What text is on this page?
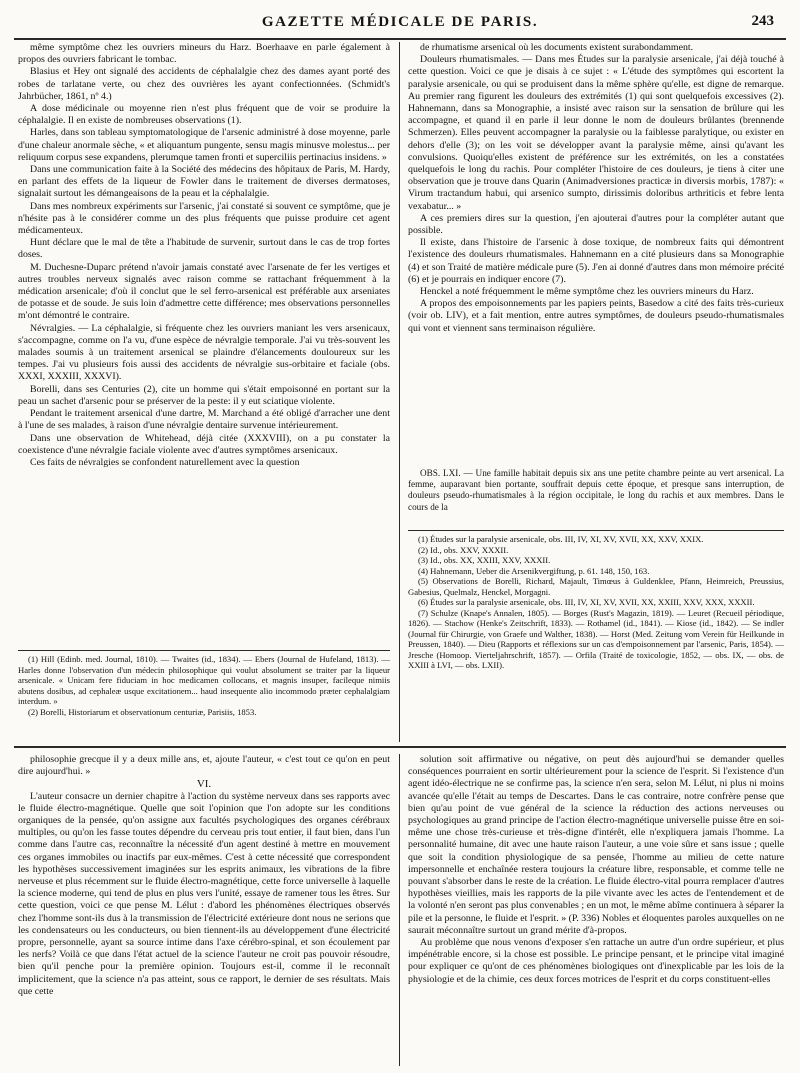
GAZETTE MÉDICALE DE PARIS.	243

même symptôme chez les ouvriers mineurs du Harz. Boerhaave en parle également à propos des ouvriers fabricant le tombac.

Blasius et Hey ont signalé des accidents de céphalalgie chez des dames ayant porté des robes de tarlatane verte, ou chez des ouvrières les ayant confectionnées. (Schmidt's Jahrbücher, 1861, nº 4.)

A dose médicinale ou moyenne rien n'est plus fréquent que de voir se produire la céphalalgie. Il en existe de nombreuses observations (1).

Harles, dans son tableau symptomatologique de l'arsenic administré à dose moyenne, parle d'une chaleur anormale sèche, « et aliquantum pungente, sensu magis minusve molestus... per reliquum corpus sese expandens, plerumque tamen fronti et superciliis pertinacius insidens. »

Dans une communication faite à la Société des médecins des hôpitaux de Paris, M. Hardy, en parlant des effets de la liqueur de Fowler dans le traitement de diverses dermatoses, signalait surtout les démangeaisons de la peau et la céphalalgie.

Dans mes nombreux expériments sur l'arsenic, j'ai constaté si souvent ce symptôme, que je n'hésite pas à le considérer comme un des plus fréquents que puisse produire cet agent médicamenteux.

Hunt déclare que le mal de tête a l'habitude de survenir, surtout dans le cas de trop fortes doses.

M. Duchesne-Duparc prétend n'avoir jamais constaté avec l'arsenate de fer les vertiges et autres troubles nerveux signalés avec raison comme se rattachant fréquemment à la médication arsenicale; d'où il conclut que le sel ferro-arsenical est préférable aux arseniates de potasse et de soude. Je suis loin d'admettre cette différence; mes observations personnelles m'ont démontré le contraire.

Névralgies. — La céphalalgie, si fréquente chez les ouvriers maniant les vers arsenicaux, s'accompagne, comme on l'a vu, d'une espèce de névralgie temporale. J'ai vu très-souvent les malades soumis à un traitement arsenical se plaindre d'élancements douloureux sur les tempes. J'ai vu plusieurs fois aussi des accidents de névralgie sus-orbitaire et faciale (obs. XXXI, XXXIII, XXXVI).

Borelli, dans ses Centuries (2), cite un homme qui s'était empoisonné en portant sur la peau un sachet d'arsenic pour se préserver de la peste: il y eut sciatique violente.

Pendant le traitement arsenical d'une dartre, M. Marchand a été obligé d'arracher une dent à l'une de ses malades, à raison d'une névralgie dentaire survenue intérieurement.

Dans une observation de Whitehead, déjà citée (XXXVIII), on a pu constater la coexistence d'une névralgie faciale violente avec d'autres symptômes arsenicaux.

Ces faits de névralgies se confondent naturellement avec la question

(1) Hill (Edinb. med. Journal, 1810). — Twaites (id., 1834). — Ebers (Journal de Hufeland, 1813). — Harles donne l'observation d'un médecin philosophique qui voulut absolument se traiter par la liqueur arsenicale. « Unicam fere fiduciam in hoc medicamen collocans, et magnis insuper, facileque nimiis abutens dosibus, ad cephaleæ usque excitationem... haud insequente alio incommodo præter cephalalgiam interdum. »

(2) Borelli, Historiarum et observationum centuriæ, Parisiis, 1853.

de rhumatisme arsenical où les documents existent surabondamment.

Douleurs rhumatismales. — Dans mes Études sur la paralysie arsenicale, j'ai déjà touché à cette question. Voici ce que je disais à ce sujet : « L'étude des symptômes qui escortent la paralysie arsenicale, ou qui se produisent dans la même sphère qu'elle, est digne de remarque. Au premier rang figurent les douleurs des extrémités (1) qui sont quelquefois excessives (2). Hahnemann, dans sa Monographie, a insisté avec raison sur la sensation de brûlure qui les accompagne, et quand il en parle il leur donne le nom de douleurs brûlantes (brennende Schmerzen). Elles peuvent accompagner la paralysie ou la faiblesse paralytique, ou exister en dehors d'elle (3); on les voit se développer avant la paralysie même, ainsi qu'avant les convulsions. Quoiqu'elles existent de préférence sur les extrémités, on les a constatées quelquefois le long du rachis. Pour compléter l'histoire de ces douleurs, je tiens à citer une observation que je trouve dans Quarin (Animadversiones practicæ in diversis morbis, 1787): « Virum tractandum habui, qui arsenico sumpto, dirissimis doloribus arthriticis et febre lenta vexabatur... »

A ces premiers dires sur la question, j'en ajouterai d'autres pour la compléter autant que possible.

Il existe, dans l'histoire de l'arsenic à dose toxique, de nombreux faits qui démontrent l'existence des douleurs rhumatismales. Hahnemann en a cité plusieurs dans sa Monographie (4) et son Traité de matière médicale pure (5). J'en ai donné d'autres dans mon mémoire précité (6) et je pourrais en indiquer encore (7).

Henckel a noté fréquemment le même symptôme chez les ouvriers mineurs du Harz.

A propos des empoisonnements par les papiers peints, Basedow a cité des faits très-curieux (voir ob. LIV), et a fait mention, entre autres symptômes, de douleurs pseudo-rhumatismales qui vont et viennent sans terminaison régulière.

OBS. LXI. — Une famille habitait depuis six ans une petite chambre peinte au vert arsenical. La femme, auparavant bien portante, souffrait depuis cette époque, et presque sans interruption, de douleurs pseudo-rhumatismales à la région occipitale, le long du rachis et aux membres. Dans le cours de la

(1) Études sur la paralysie arsenicale, obs. III, IV, XI, XV, XVII, XX, XXV, XXIX.

(2) Id., obs. XXV, XXXII.

(3) Id., obs. XX, XXIII, XXV, XXXII.

(4) Hahnemann, Ueber die Arsenikvergiftung, p. 61. 148, 150, 163.

(5) Observations de Borelli, Richard, Majault, Timœus à Guldenklee, Pfann, Heimreich, Preussius, Gabesius, Quelmalz, Henckel, Morgagni.

(6) Études sur la paralysie arsenicale, obs. III, IV, XI, XV, XVII, XX, XXIII, XXV, XXX, XXXII.

(7) Schulze (Knape's Annalen, 1805). — Borges (Rust's Magazin, 1819). — Leuret (Recueil périodique, 1826). — Stachow (Henke's Zeitschrift, 1833). — Rothamel (id., 1841). — Kiose (id., 1842). — Se indler (Journal für Chirurgie, von Graefe und Walther, 1838). — Horst (Med. Zeitung vom Verein für Heilkunde in Preussen, 1840). — Dieu (Rapports et réflexions sur un cas d'empoisonnement par l'arsenic, Paris, 1854). — Jresche (Homoop. Vierteljahrschrift, 1857). — Orfila (Traité de toxicologie, 1852, — obs. IX, — obs. de XXIII à LVI, — obs. LXII).

philosophie grecque il y a deux mille ans, et, ajoute l'auteur, « c'est tout ce qu'on en peut dire aujourd'hui. »

VI.

L'auteur consacre un dernier chapitre à l'action du système nerveux dans ses rapports avec le fluide électro-magnétique. Quelle que soit l'opinion que l'on adopte sur les conditions organiques de la pensée, qu'on assigne aux facultés psychologiques des organes cérébraux multiples, ou qu'on les fasse toutes dépendre du cerveau pris tout entier, il faut bien, dans l'un comme dans l'autre cas, reconnaître la nécessité d'un agent destiné à mettre en mouvement ces organes immobiles ou inactifs par eux-mêmes. C'est à cette nécessité que correspondent les hypothèses successivement imaginées sur les esprits animaux, les vibrations de la fibre nerveuse et plus récemment sur le fluide électro-magnétique, cette force universelle à laquelle la science moderne, qui tend de plus en plus vers l'unité, essaye de ramener tous les êtres. Sur cette question, voici ce que pense M. Lélut : d'abord les phénomènes électriques observés chez l'homme sont-ils dus à la transmission de l'électricité extérieure dont nous ne serions que les condensateurs ou les conducteurs, ou bien tiennent-ils au développement d'une électricité propre, personnelle, ayant sa source intime dans l'axe cérébro-spinal, et son écoulement par les nerfs? Voilà ce que dans l'état actuel de la science l'auteur ne croit pas pouvoir résoudre, bien qu'il penche pour la première opinion. Toujours est-il, comme il le reconnaît implicitement, que la science n'a pas atteint, sous ce rapport, le dernier de ses résultats. Mais que cette

solution soit affirmative ou négative, on peut dès aujourd'hui se demander quelles conséquences pourraient en sortir ultérieurement pour la science de l'esprit. Si l'existence d'un agent idéo-électrique ne se confirme pas, la science n'en sera, selon M. Lélut, ni plus ni moins avancée qu'elle l'était au temps de Descartes. Dans le cas contraire, notre confrère pense que bien qu'au point de vue général de la science la réduction des actions nerveuses ou psychologiques au grand principe de l'action électro-magnétique universelle puisse être en soi-même une chose très-curieuse et très-digne d'intérêt, elle n'expliquera jamais l'homme. La personnalité humaine, dit avec une haute raison l'auteur, a une voie sûre et sans issue ; quelle que soit la condition physiologique de sa pensée, l'homme au milieu de cette nature impersonnelle et enchaînée restera toujours la créature libre, responsable, et comme telle ne pouvant s'absorber dans le reste de la création. Le fluide électro-vital pourra remplacer d'autres hypothèses vieillies, mais les rapports de la pile vivante avec les actes de l'entendement et de la volonté n'en seront pas plus convenables ; en un mot, le même abîme continuera à séparer la pile et la personne, le fluide et l'esprit. » (P. 336) Nobles et éloquentes paroles auxquelles on ne saurait méconnaître surtout un grand mérite d'à-propos.

Au problème que nous venons d'exposer s'en rattache un autre d'un ordre supérieur, et plus impénétrable encore, si la chose est possible. Le principe pensant, et le principe vital imaginé pour expliquer ce qu'ont de ces phénomènes biologiques ont d'inexplicable par les lois de la physiologie et de la chimie, ces deux forces motrices de l'esprit et du corps constituent-elles
